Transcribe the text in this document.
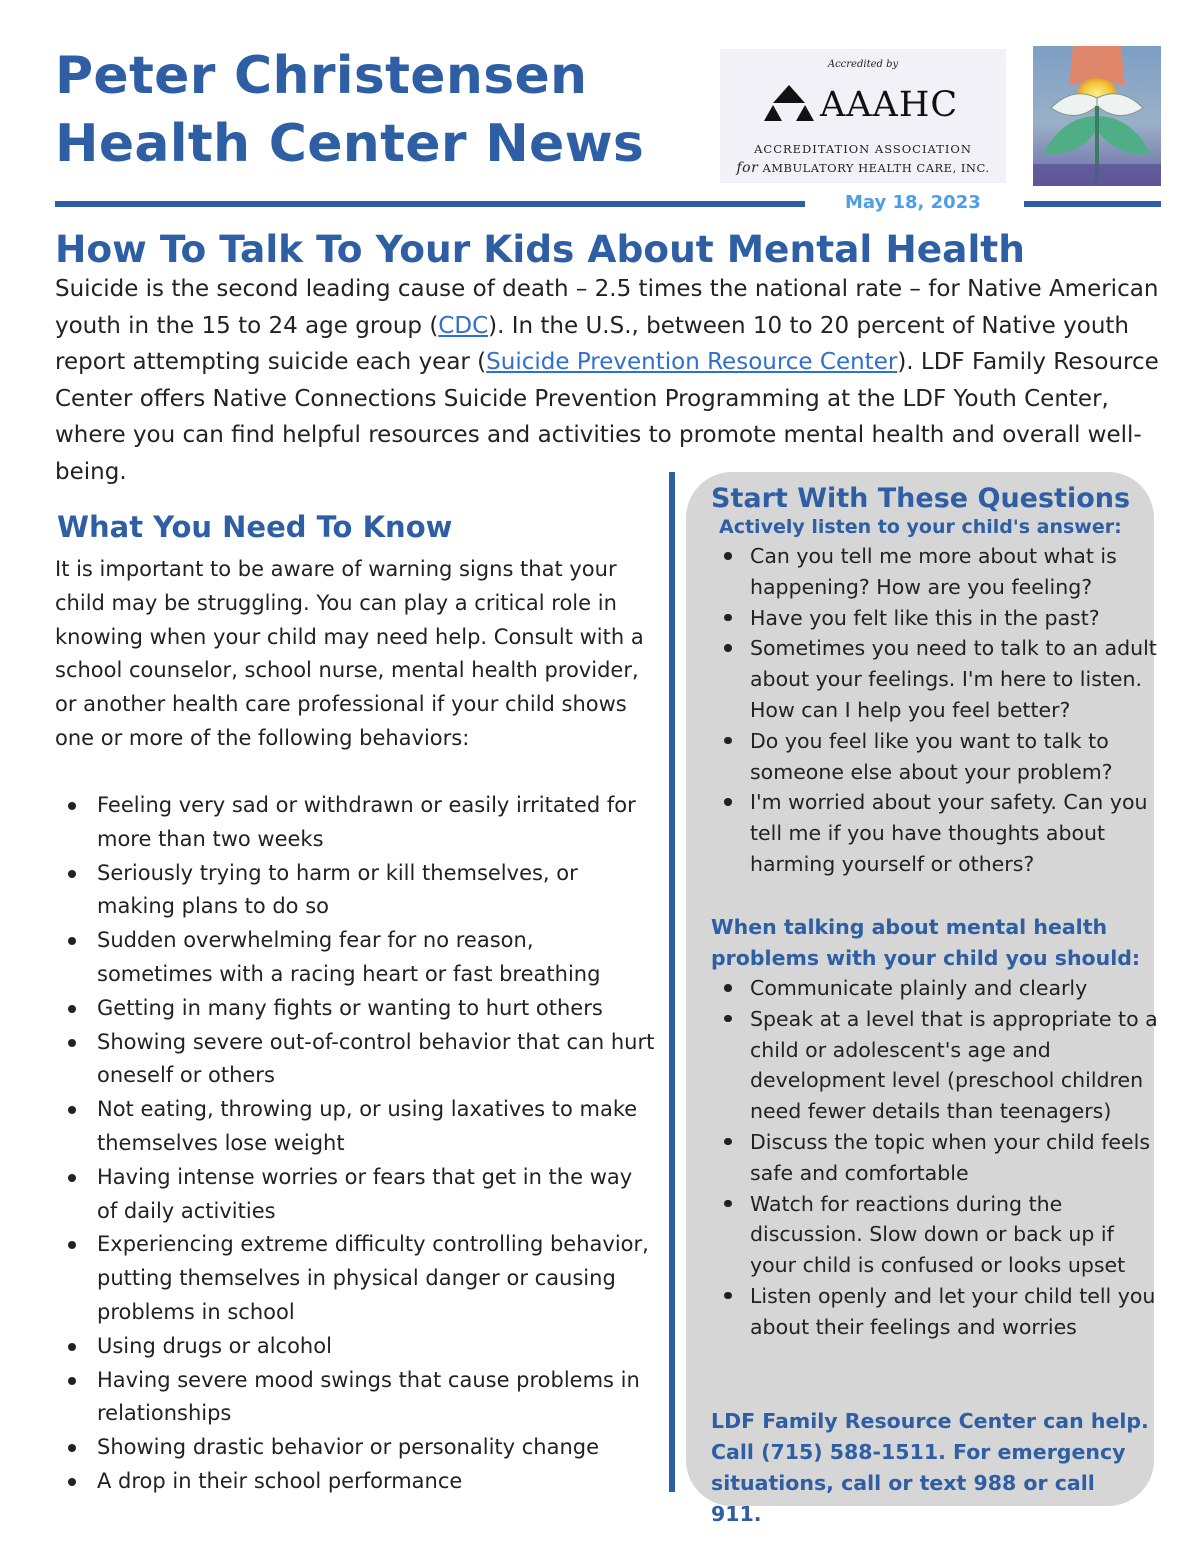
Peter Christensen
Health Center News
Accredited by
AAAHC
ACCREDITATION ASSOCIATION
for AMBULATORY HEALTH CARE, INC.
May 18, 2023
How To Talk To Your Kids About Mental Health

Suicide is the second leading cause of death – 2.5 times the national rate – for Native American youth in the 15 to 24 age group (CDC). In the U.S., between 10 to 20 percent of Native youth report attempting suicide each year (Suicide Prevention Resource Center). LDF Family Resource Center offers Native Connections Suicide Prevention Programming at the LDF Youth Center, where you can find helpful resources and activities to promote mental health and overall well-being.

What You Need To Know

It is important to be aware of warning signs that your child may be struggling. You can play a critical role in knowing when your child may need help. Consult with a school counselor, school nurse, mental health provider, or another health care professional if your child shows one or more of the following behaviors:

Feeling very sad or withdrawn or easily irritated for more than two weeks
Seriously trying to harm or kill themselves, or making plans to do so
Sudden overwhelming fear for no reason, sometimes with a racing heart or fast breathing
Getting in many fights or wanting to hurt others
Showing severe out-of-control behavior that can hurt oneself or others
Not eating, throwing up, or using laxatives to make themselves lose weight
Having intense worries or fears that get in the way of daily activities
Experiencing extreme difficulty controlling behavior, putting themselves in physical danger or causing problems in school
Using drugs or alcohol
Having severe mood swings that cause problems in relationships
Showing drastic behavior or personality change
A drop in their school performance
Start With These Questions
Actively listen to your child's answer:
Can you tell me more about what is happening? How are you feeling?
Have you felt like this in the past?
Sometimes you need to talk to an adult about your feelings. I'm here to listen. How can I help you feel better?
Do you feel like you want to talk to someone else about your problem?
I'm worried about your safety. Can you tell me if you have thoughts about harming yourself or others?
When talking about mental health problems with your child you should:
Communicate plainly and clearly
Speak at a level that is appropriate to a child or adolescent's age and development level (preschool children need fewer details than teenagers)
Discuss the topic when your child feels safe and comfortable
Watch for reactions during the discussion. Slow down or back up if your child is confused or looks upset
Listen openly and let your child tell you about their feelings and worries
LDF Family Resource Center can help. Call (715) 588-1511. For emergency situations, call or text 988 or call 911.
